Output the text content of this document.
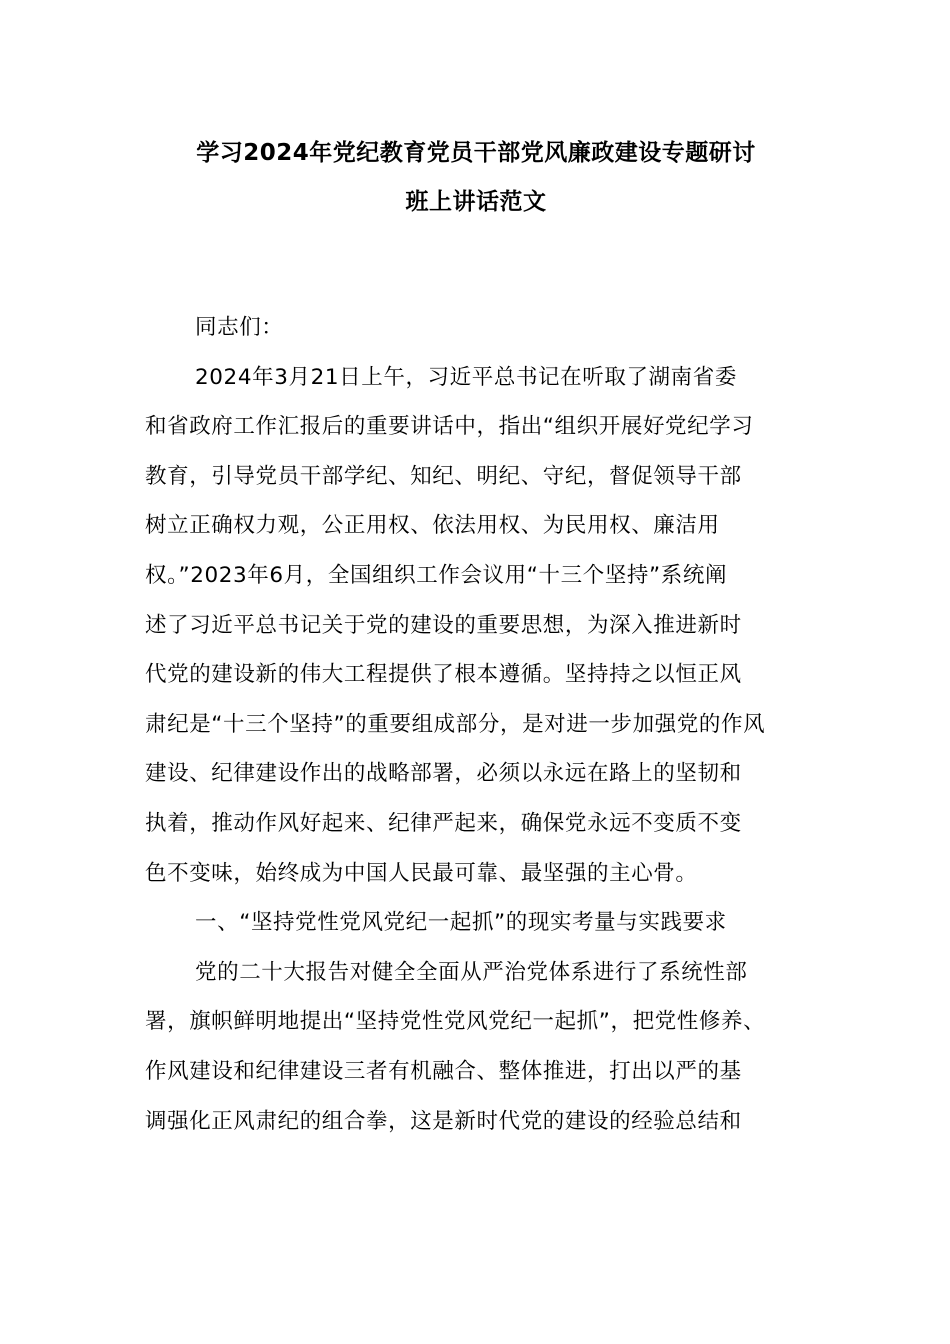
学习2024年党纪教育党员干部党风廉政建设专题研讨
班上讲话范文
同志们：
2024年3月21日上午，习近平总书记在听取了湖南省委
和省政府工作汇报后的重要讲话中，指出“组织开展好党纪学习
教育，引导党员干部学纪、知纪、明纪、守纪，督促领导干部
树立正确权力观，公正用权、依法用权、为民用权、廉洁用
权。”2023年6月，全国组织工作会议用“十三个坚持”系统阐
述了习近平总书记关于党的建设的重要思想，为深入推进新时
代党的建设新的伟大工程提供了根本遵循。坚持持之以恒正风
肃纪是“十三个坚持”的重要组成部分，是对进一步加强党的作风
建设、纪律建设作出的战略部署，必须以永远在路上的坚韧和
执着，推动作风好起来、纪律严起来，确保党永远不变质不变
色不变味，始终成为中国人民最可靠、最坚强的主心骨。
一、“坚持党性党风党纪一起抓”的现实考量与实践要求
党的二十大报告对健全全面从严治党体系进行了系统性部
署，旗帜鲜明地提出“坚持党性党风党纪一起抓”，把党性修养、
作风建设和纪律建设三者有机融合、整体推进，打出以严的基
调强化正风肃纪的组合拳，这是新时代党的建设的经验总结和
